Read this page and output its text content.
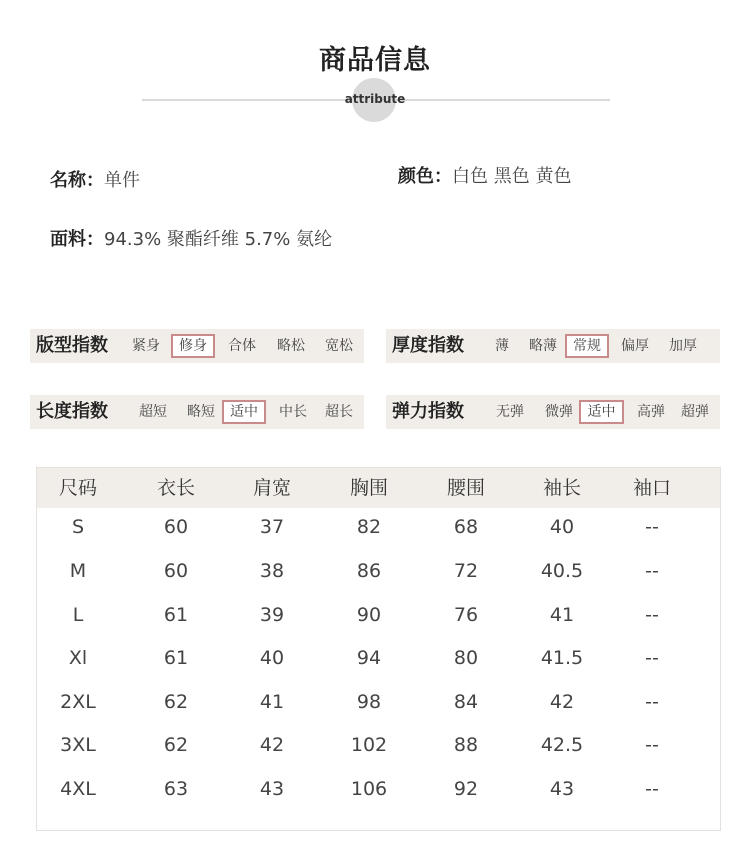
商品信息
attribute
名称：单件	颜色：白色 黑色 黄色
面料：94.3% 聚酯纤维 5.7% 氨纶
版型指数	紧身	修身	合体	略松	宽松	厚度指数	薄	略薄	常规	偏厚	加厚
长度指数	超短	略短	适中	中长	超长	弹力指数	无弹	微弹	适中	高弹	超弹
尺码	衣长	肩宽	胸围	腰围	袖长	袖口
S	60	37	82	68	40	--
M	60	38	86	72	40.5	--
L	61	39	90	76	41	--
Xl	61	40	94	80	41.5	--
2XL	62	41	98	84	42	--
3XL	62	42	102	88	42.5	--
4XL	63	43	106	92	43	--
